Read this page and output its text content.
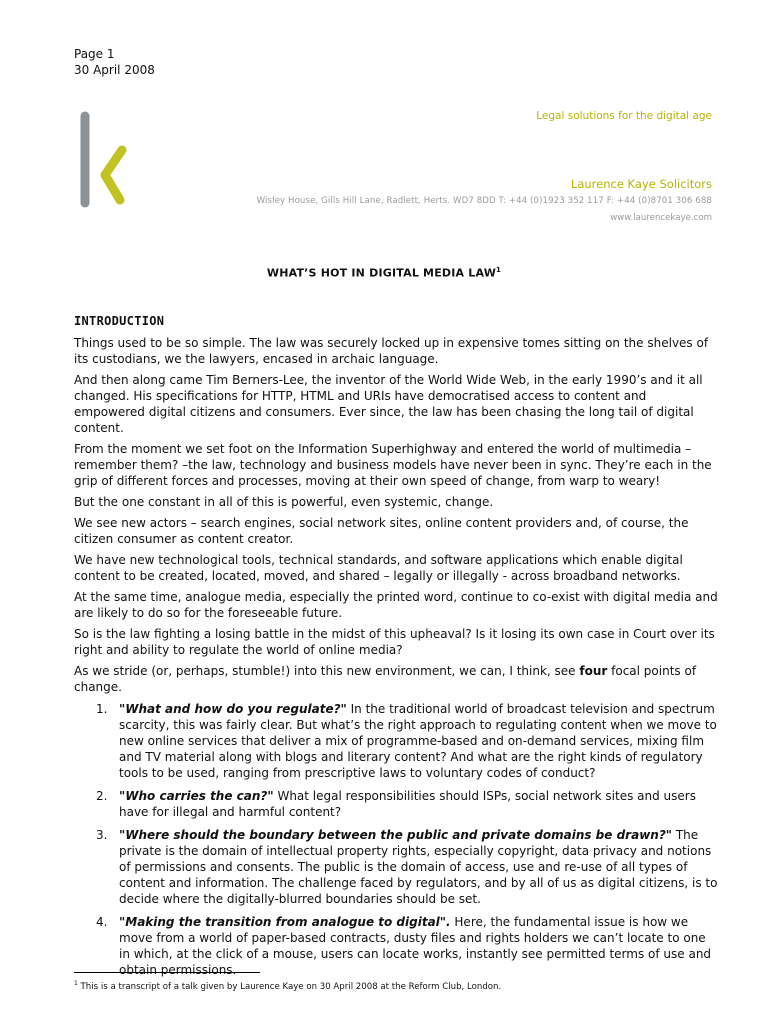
Page 1
30 April 2008
Legal solutions for the digital age
Laurence Kaye Solicitors
Wisley House, Gills Hill Lane, Radlett, Herts. WD7 8DD T: +44 (0)1923 352 117 F: +44 (0)8701 306 688
www.laurencekaye.com
WHAT’S HOT IN DIGITAL MEDIA LAW$^1$
INTRODUCTION

Things used to be so simple. The law was securely locked up in expensive tomes sitting on the shelves of its custodians, we the lawyers, encased in archaic language.

And then along came Tim Berners-Lee, the inventor of the World Wide Web, in the early 1990’s and it all changed. His specifications for HTTP, HTML and URIs have democratised access to content and empowered digital citizens and consumers. Ever since, the law has been chasing the long tail of digital content.

From the moment we set foot on the Information Superhighway and entered the world of multimedia – remember them? –the law, technology and business models have never been in sync. They’re each in the grip of different forces and processes, moving at their own speed of change, from warp to weary!

But the one constant in all of this is powerful, even systemic, change.

We see new actors – search engines, social network sites, online content providers and, of course, the citizen consumer as content creator.

We have new technological tools, technical standards, and software applications which enable digital content to be created, located, moved, and shared – legally or illegally - across broadband networks.

At the same time, analogue media, especially the printed word, continue to co-exist with digital media and are likely to do so for the foreseeable future.

So is the law fighting a losing battle in the midst of this upheaval? Is it losing its own case in Court over its right and ability to regulate the world of online media?

As we stride (or, perhaps, stumble!) into this new environment, we can, I think, see four focal points of change.

1. "What and how do you regulate?" In the traditional world of broadcast television and spectrum scarcity, this was fairly clear. But what’s the right approach to regulating content when we move to new online services that deliver a mix of programme-based and on-demand services, mixing film and TV material along with blogs and literary content? And what are the right kinds of regulatory tools to be used, ranging from prescriptive laws to voluntary codes of conduct?
2. "Who carries the can?" What legal responsibilities should ISPs, social network sites and users have for illegal and harmful content?
3. "Where should the boundary between the public and private domains be drawn?" The private is the domain of intellectual property rights, especially copyright, data privacy and notions of permissions and consents. The public is the domain of access, use and re-use of all types of content and information. The challenge faced by regulators, and by all of us as digital citizens, is to decide where the digitally-blurred boundaries should be set.
4. "Making the transition from analogue to digital". Here, the fundamental issue is how we move from a world of paper-based contracts, dusty files and rights holders we can’t locate to one in which, at the click of a mouse, users can locate works, instantly see permitted terms of use and obtain permissions.
$^1$ This is a transcript of a talk given by Laurence Kaye on 30 April 2008 at the Reform Club, London.
